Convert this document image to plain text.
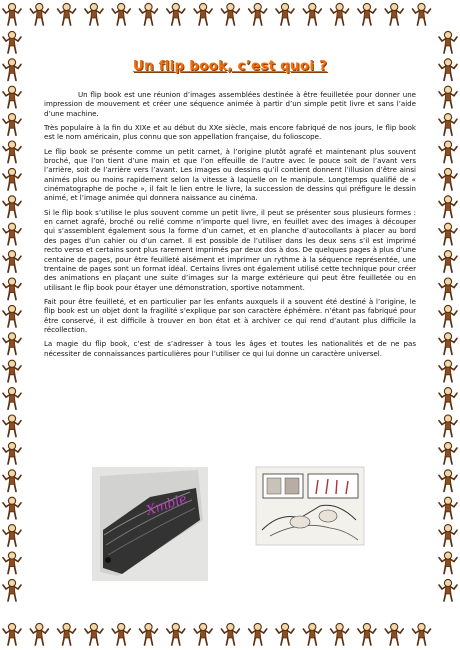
Un flip book, c’est quoi ?

Un flip book est une réunion d’images assemblées destinée à être feuilletée pour donner une impression de mouvement et créer une séquence animée à partir d’un simple petit livre et sans l’aide d’une machine.

Très populaire à la fin du XIXe et au début du XXe siècle, mais encore fabriqué de nos jours, le flip book est le nom américain, plus connu que son appellation française, du folioscope.

Le flip book se présente comme un petit carnet, à l’origine plutôt agrafé et maintenant plus souvent broché, que l’on tient d’une main et que l’on effeuille de l’autre avec le pouce soit de l’avant vers l’arrière, soit de l’arrière vers l’avant. Les images ou dessins qu’il contient donnent l’illusion d’être ainsi animés plus ou moins rapidement selon la vitesse à laquelle on le manipule. Longtemps qualifié de « cinématographe de poche », il fait le lien entre le livre, la succession de dessins qui préfigure le dessin animé, et l’image animée qui donnera naissance au cinéma.

Si le flip book s’utilise le plus souvent comme un petit livre, il peut se présenter sous plusieurs formes : en carnet agrafé, broché ou relié comme n’importe quel livre, en feuillet avec des images à découper qui s’assemblent également sous la forme d’un carnet, et en planche d’autocollants à placer au bord des pages d’un cahier ou d’un carnet. Il est possible de l’utiliser dans les deux sens s’il est imprimé recto verso et certains sont plus rarement imprimés par deux dos à dos. De quelques pages à plus d’une centaine de pages, pour être feuilleté aisément et imprimer un rythme à la séquence représentée, une trentaine de pages sont un format idéal. Certains livres ont également utilisé cette technique pour créer des animations en plaçant une suite d’images sur la marge extérieure qui peut être feuilletée ou en utilisant le flip book pour étayer une démonstration, sportive notamment.

Fait pour être feuilleté, et en particulier par les enfants auxquels il a souvent été destiné à l’origine, le flip book est un objet dont la fragilité s’explique par son caractère éphémère. n’étant pas fabriqué pour être conservé, il est difficile à trouver en bon état et à archiver ce qui rend d’autant plus difficile la récollection.

La magie du flip book, c’est de s’adresser à tous les âges et toutes les nationalités et de ne pas nécessiter de connaissances particulières pour l’utiliser ce qui lui donne un caractère universel.

Xmble
